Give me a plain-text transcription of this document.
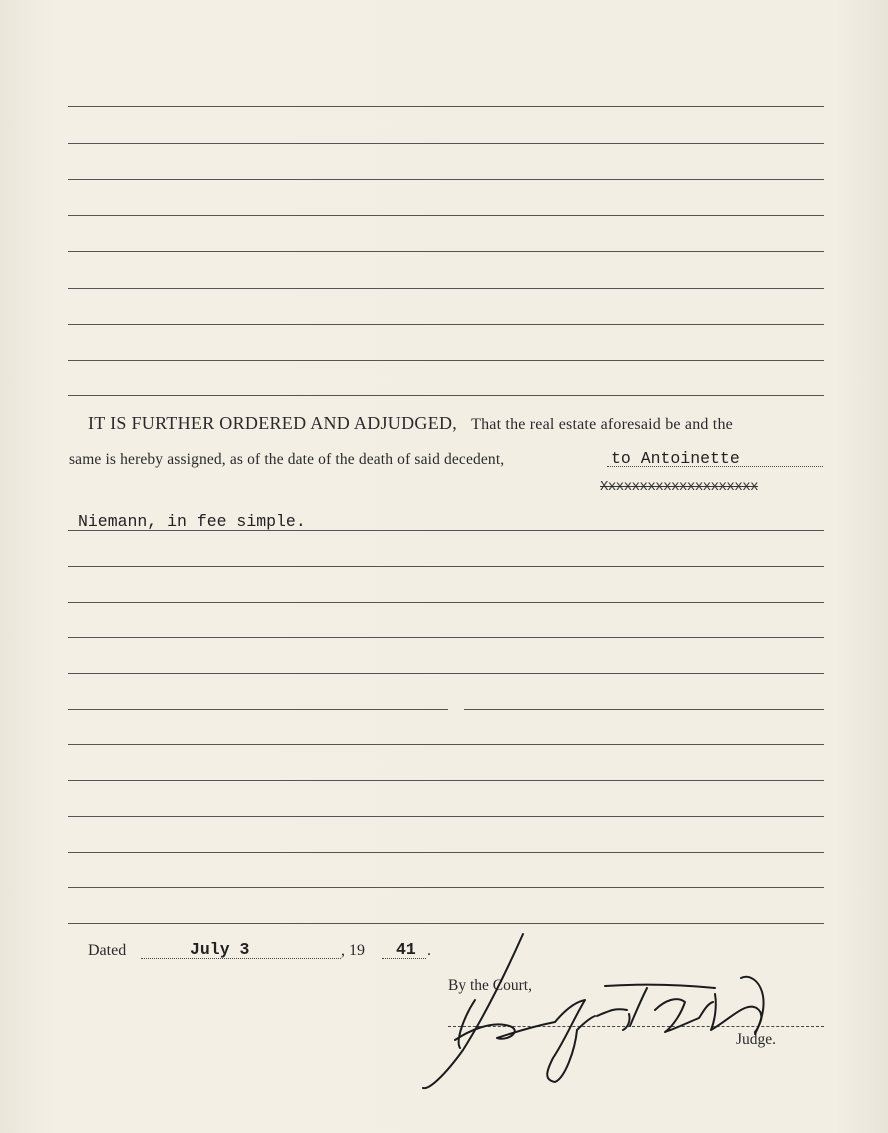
IT IS FURTHER ORDERED AND ADJUDGED, That the real estate aforesaid be and the
same is hereby assigned, as of the date of the death of said decedent,	to Antoinette
Xxxxxxxxxxxxxxxxxxxx
Niemann, in fee simple.
Dated	July 3	, 19 41 .
By the Court,
Judge.
